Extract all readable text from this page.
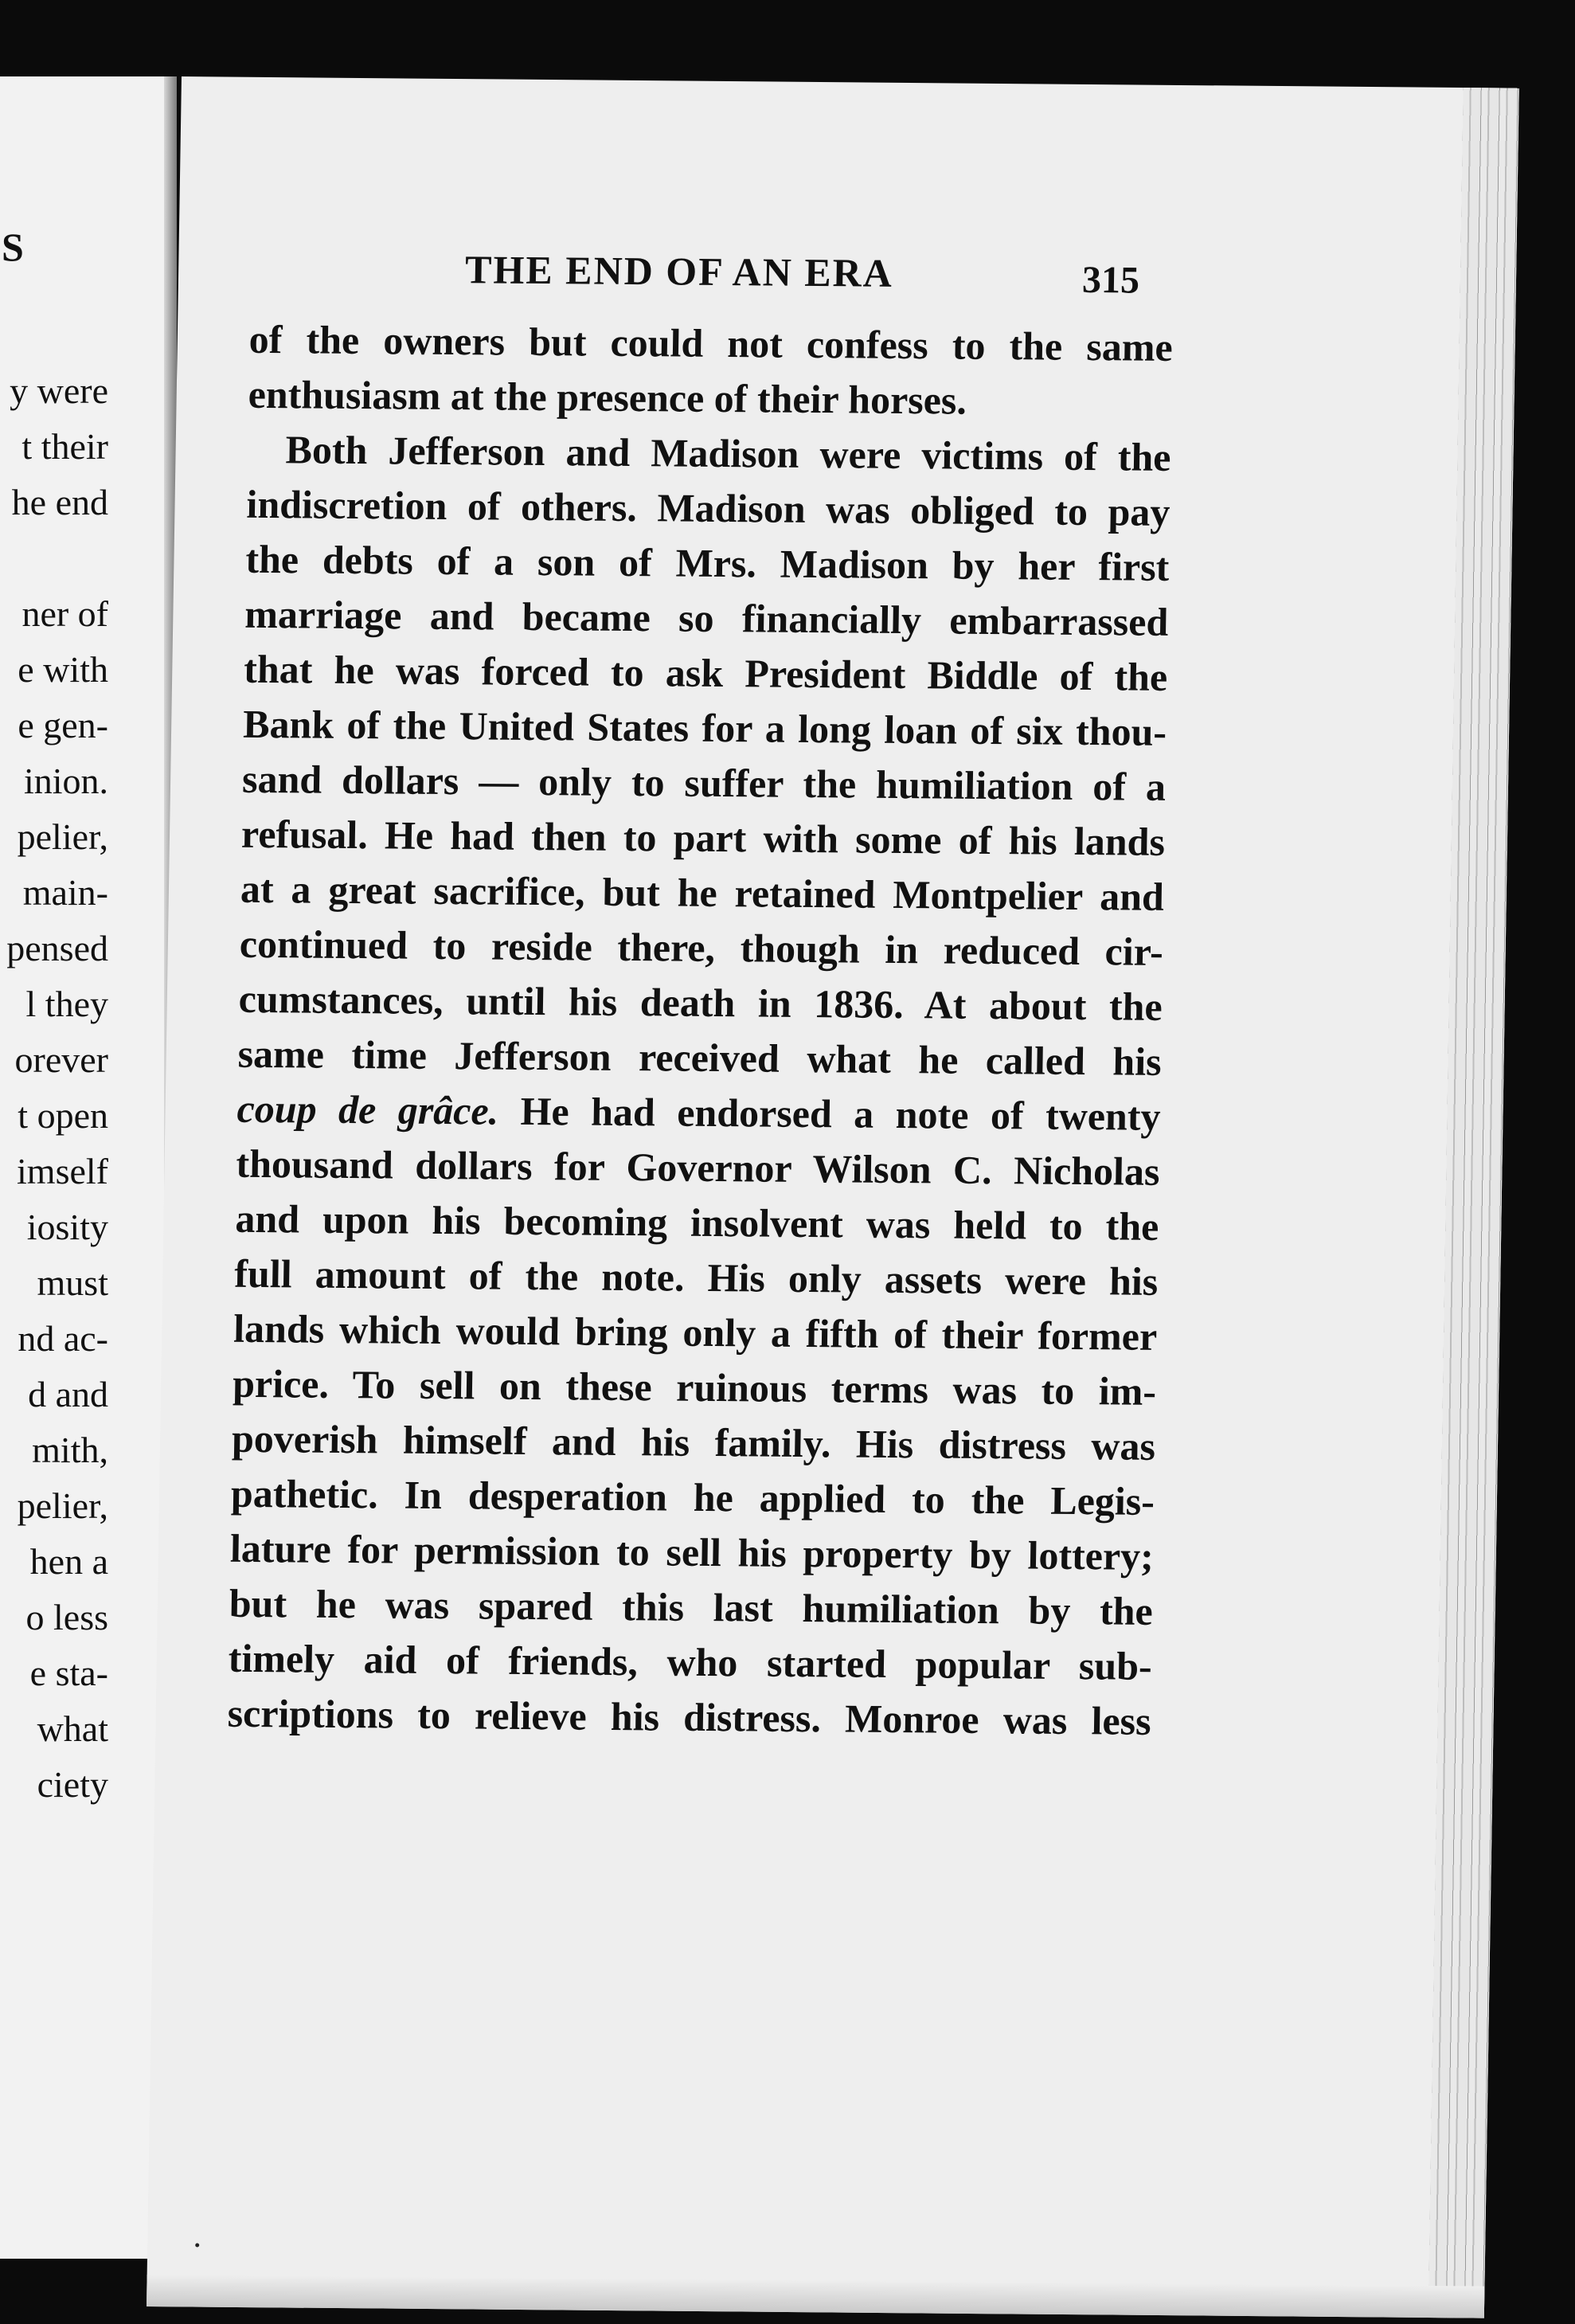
S
y were
t their
he end
ner of
e with
e gen-
inion.
pelier,
main-
pensed
l they
orever
t open
imself
iosity
must
nd ac-
d and
mith,
pelier,
hen a
o less
e sta-
what
ciety
THE END OF AN ERA	315
of the owners but could not confess to the same
enthusiasm at the presence of their horses.
Both Jefferson and Madison were victims of the
indiscretion of others. Madison was obliged to pay
the debts of a son of Mrs. Madison by her first
marriage and became so financially embarrassed
that he was forced to ask President Biddle of the
Bank of the United States for a long loan of six thou-
sand dollars — only to suffer the humiliation of a
refusal. He had then to part with some of his lands
at a great sacrifice, but he retained Montpelier and
continued to reside there, though in reduced cir-
cumstances, until his death in 1836. At about the
same time Jefferson received what he called his
coup de grâce. He had endorsed a note of twenty
thousand dollars for Governor Wilson C. Nicholas
and upon his becoming insolvent was held to the
full amount of the note. His only assets were his
lands which would bring only a fifth of their former
price. To sell on these ruinous terms was to im-
poverish himself and his family. His distress was
pathetic. In desperation he applied to the Legis-
lature for permission to sell his property by lottery;
but he was spared this last humiliation by the
timely aid of friends, who started popular sub-
scriptions to relieve his distress. Monroe was less
